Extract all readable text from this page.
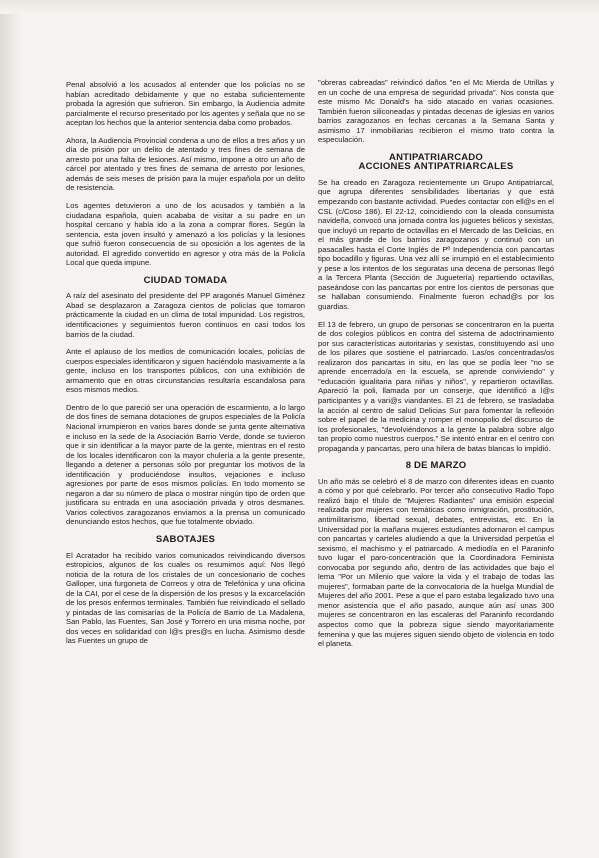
Penal absolvió a los acusados al entender que los policías no se habían acreditado debidamente y que no estaba suficientemente probada la agresión que sufrieron. Sin embargo, la Audiencia admite parcialmente el recurso presentado por los agentes y señala que no se aceptan los hechos que la anterior sentencia daba como probados.

Ahora, la Audiencia Provincial condena a uno de ellos a tres años y un día de prisión por un delito de atentado y tres fines de semana de arresto por una falta de lesiones. Así mismo, impone a otro un año de cárcel por atentado y tres fines de semana de arresto por lesiones, además de seis meses de prisión para la mujer española por un delito de resistencia.

Los agentes detuvieron a uno de los acusados y también a la ciudadana española, quien acababa de visitar a su padre en un hospital cercano y había ido a la zona a comprar flores. Según la sentencia, esta joven insultó y amenazó a los policías y la lesiones que sufrió fueron consecuencia de su oposición a los agentes de la autoridad. El agredido convertido en agresor y otra más de la Policía Local que queda impune.

CIUDAD TOMADA

A raíz del asesinato del presidente del PP aragonés Manuel Giménez Abad se desplazaron a Zaragoza cientos de policías que tomaron prácticamente la ciudad en un clima de total impunidad. Los registros, identificaciones y seguimientos fueron continuos en casi todos los barrios de la ciudad.

Ante el aplauso de los medios de comunicación locales, policías de cuerpos especiales identificaron y siguen haciéndolo masivamente a la gente, incluso en los transportes públicos, con una exhibición de armamento que en otras circunstancias resultaría escandalosa para esos mismos medios.

Dentro de lo que pareció ser una operación de escarmiento, a lo largo de dos fines de semana dotaciones de grupos especiales de la Policía Nacional irrumpieron en varios bares donde se junta gente alternativa e incluso en la sede de la Asociación Barrio Verde, donde se tuvieron que ir sin identificar a la mayor parte de la gente, mientras en el resto de los locales identificaron con la mayor chulería a la gente presente, llegando a detener a personas sólo por preguntar los motivos de la identificación y produciéndose insultos, vejaciones e incluso agresiones por parte de esos mismos policías. En todo momento se negaron a dar su número de placa o mostrar ningún tipo de orden que justificara su entrada en una asociación privada y otros desmanes. Varios colectivos zaragozanos enviamos a la prensa un comunicado denunciando estos hechos, que fue totalmente obviado.

SABOTAJES

El Acratador ha recibido varios comunicados reivindicando diversos estropicios, algunos de los cuales os resumimos aquí: Nos llegó noticia de la rotura de los cristales de un concesionario de coches Galloper, una furgoneta de Correos y otra de Telefónica y una oficina de la CAI, por el cese de la dispersión de los presos y la excarcelación de los presos enfermos terminales. También fue reivindicado el sellado y pintadas de las comisarías de la Policía de Barrio de La Madalena, San Pablo, las Fuentes, San José y Torrero en una misma noche, por dos veces en solidaridad con l@s pres@s en lucha. Asimismo desde las Fuentes un grupo de

"obreras cabreadas" reivindicó daños "en el Mc Mierda de Utrillas y en un coche de una empresa de seguridad privada". Nos consta que este mismo Mc Donald's ha sido atacado en varias ocasiones. También fueron siliconeadas y pintadas decenas de iglesias en varios barrios zaragozanos en fechas cercanas a la Semana Santa y asimismo 17 inmobiliarias recibieron el mismo trato contra la especulación.

ANTIPATRIARCADO
ACCIONES ANTIPATRIARCALES

Se ha creado en Zaragoza recientemente un Grupo Antipatriarcal, que agrupa diferentes sensibilidades libertarias y que está empezando con bastante actividad. Puedes contactar con ell@s en el CSL (c/Coso 186). El 22-12, coincidiendo con la oleada consumista navideña, convocó una jornada contra los juguetes bélicos y sexistas, que incluyó un reparto de octavillas en el Mercado de las Delicias, en el más grande de los barrios zaragozanos y continuó con un pasacalles hasta el Corte Inglés de Pº Independencia con pancartas tipo bocadillo y figuras. Una vez allí se irrumpió en el establecimiento y pese a los intentos de los seguratas una decena de personas llegó a la Tercera Planta (Sección de Juguetería) repartiendo octavillas, paseándose con las pancartas por entre los cientos de personas que se hallaban consumiendo. Finalmente fueron echad@s por los guardias.

El 13 de febrero, un grupo de personas se concentraron en la puerta de dos colegios públicos en contra del sistema de adoctrinamiento por sus características autoritarias y sexistas, constituyendo así uno de los pilares que sostiene el patriarcado. Las/os concentradas/os realizaron dos pancartas in situ, en las que se podía leer "no se aprende encerrado/a en la escuela, se aprende conviviendo" y "educación igualitaria para niñas y niños", y repartieron octavillas. Apareció la poli, llamada por un conserje, que identificó a l@s participantes y a vari@s viandantes. El 21 de febrero, se trasladaba la acción al centro de salud Delicias Sur para fomentar la reflexión sobre el papel de la medicina y romper el monopolio del discurso de los profesionales, "devolviéndonos a la gente la palabra sobre algo tan propio como nuestros cuerpos." Se intentó entrar en el centro con propaganda y pancartas, pero una hilera de batas blancas lo impidió.

8 DE MARZO

Un año más se celebró el 8 de marzo con diferentes ideas en cuanto a cómo y por qué celebrarlo. Por tercer año consecutivo Radio Topo realizó bajo el título de "Mujeres Radiantes" una emisión especial realizada por mujeres con temáticas como inmigración, prostitución, antimilitarismo, libertad sexual, debates, entrevistas, etc. En la Universidad por la mañana mujeres estudiantes adornaron el campus con pancartas y carteles aludiendo a que la Universidad perpetúa el sexismo, el machismo y el patriarcado. A mediodía en el Paraninfo tuvo lugar el paro-concentración que la Coordinadora Feminista convocaba por segundo año, dentro de las actividades que bajo el lema "Por un Milenio que valore la vida y el trabajo de todas las mujeres", formaban parte de la convocatoria de la huelga Mundial de Mujeres del año 2001. Pese a que el paro estaba legalizado tuvo una menor asistencia que el año pasado, aunque aún así unas 300 mujeres se concentraron en las escaleras del Paraninfo recordando aspectos como que la pobreza sigue siendo mayoritariamente femenina y que las mujeres siguen siendo objeto de violencia en todo el planeta.
